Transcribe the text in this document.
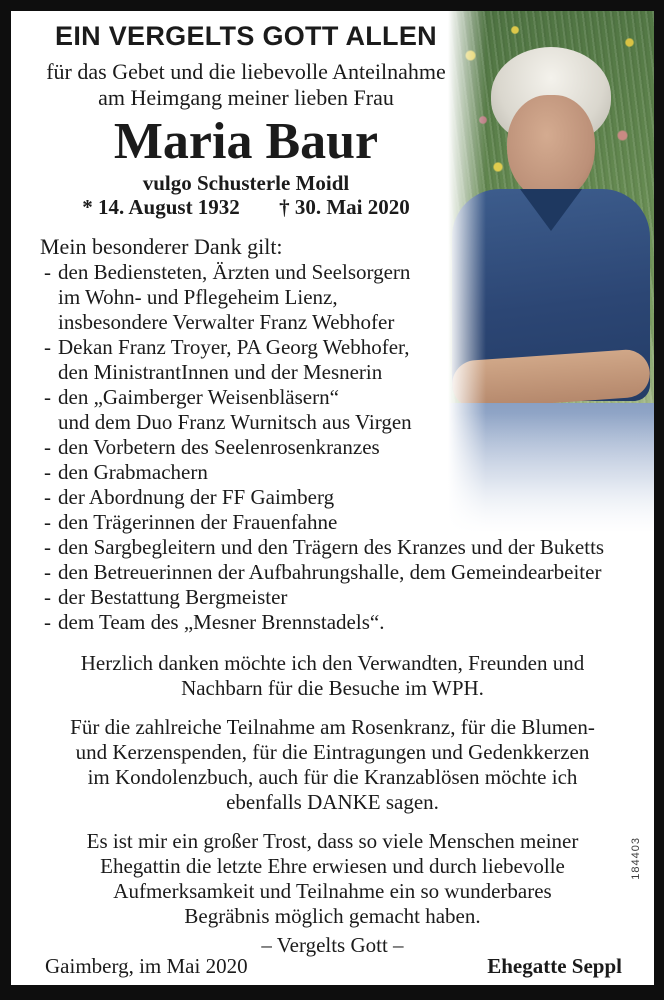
EIN VERGELTS GOTT ALLEN
für das Gebet und die liebevolle Anteilnahme
am Heimgang meiner lieben Frau
Maria Baur
vulgo Schusterle Moidl
* 14. August 1932 † 30. Mai 2020
Mein besonderer Dank gilt:
- den Bediensteten, Ärzten und Seelsorgern
im Wohn- und Pflegeheim Lienz,
insbesondere Verwalter Franz Webhofer
- Dekan Franz Troyer, PA Georg Webhofer,
den MinistrantInnen und der Mesnerin
- den „Gaimberger Weisenbläsern“
und dem Duo Franz Wurnitsch aus Virgen
- den Vorbetern des Seelenrosenkranzes
- den Grabmachern
- der Abordnung der FF Gaimberg
- den Trägerinnen der Frauenfahne
- den Sargbegleitern und den Trägern des Kranzes und der Buketts
- den Betreuerinnen der Aufbahrungshalle, dem Gemeindearbeiter
- der Bestattung Bergmeister
- dem Team des „Mesner Brennstadels“.
Herzlich danken möchte ich den Verwandten, Freunden und
Nachbarn für die Besuche im WPH.
Für die zahlreiche Teilnahme am Rosenkranz, für die Blumen-
und Kerzenspenden, für die Eintragungen und Gedenkkerzen
im Kondolenzbuch, auch für die Kranzablösen möchte ich
ebenfalls DANKE sagen.
Es ist mir ein großer Trost, dass so viele Menschen meiner
Ehegattin die letzte Ehre erwiesen und durch liebevolle
Aufmerksamkeit und Teilnahme ein so wunderbares
Begräbnis möglich gemacht haben.
– Vergelts Gott –
Gaimberg, im Mai 2020	Ehegatte Seppl
184403
